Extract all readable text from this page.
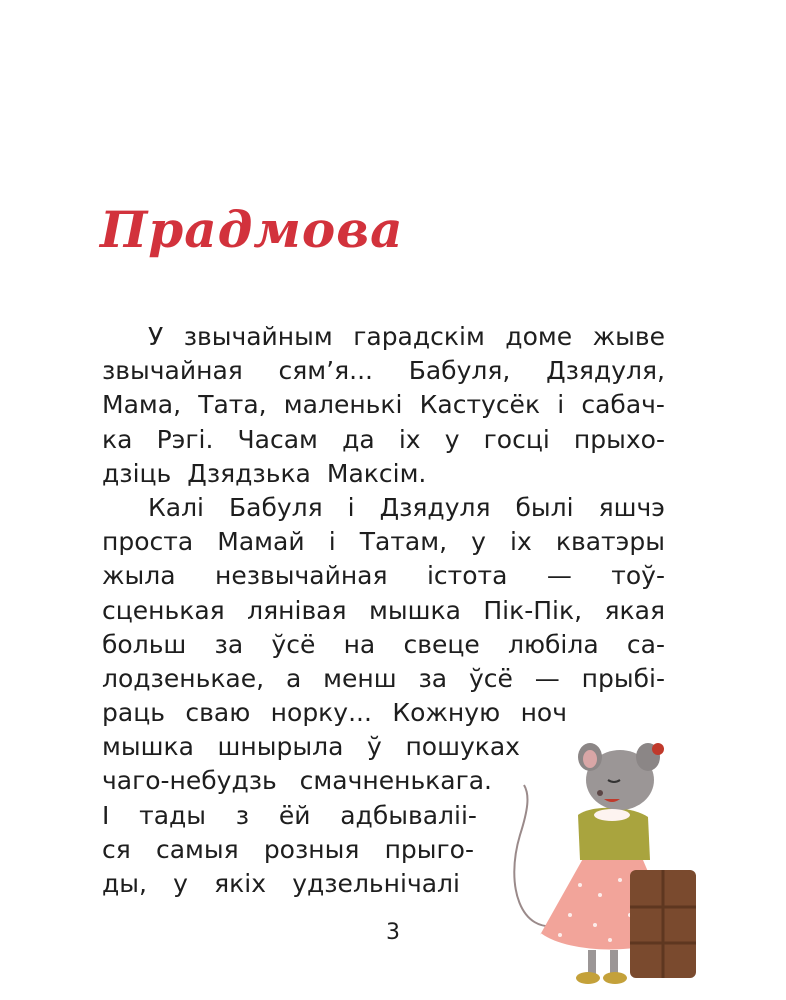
Прадмова
У звычайным гарадскім доме жыве
звычайная сям’я... Бабуля, Дзядуля,
Мама, Тата, маленькі Кастусёк і сабач-
ка Рэгі. Часам да іх у госці прыхо-
дзіць Дзядзька Максім.
Калі Бабуля і Дзядуля былі яшчэ
проста Мамай і Татам, у іх кватэры
жыла незвычайная істота — тоў-
сценькая лянівая мышка Пік-Пік, якая
больш за ўсё на свеце любіла са-
лодзенькае, а менш за ўсё — прыбі-
раць сваю норку... Кожную ноч
мышка шнырыла ў пошуках
чаго-небудзь смачненькага.
І тады з ёй адбываліі-
ся самыя розныя прыго-
ды, у якіх удзельнічалі
3
